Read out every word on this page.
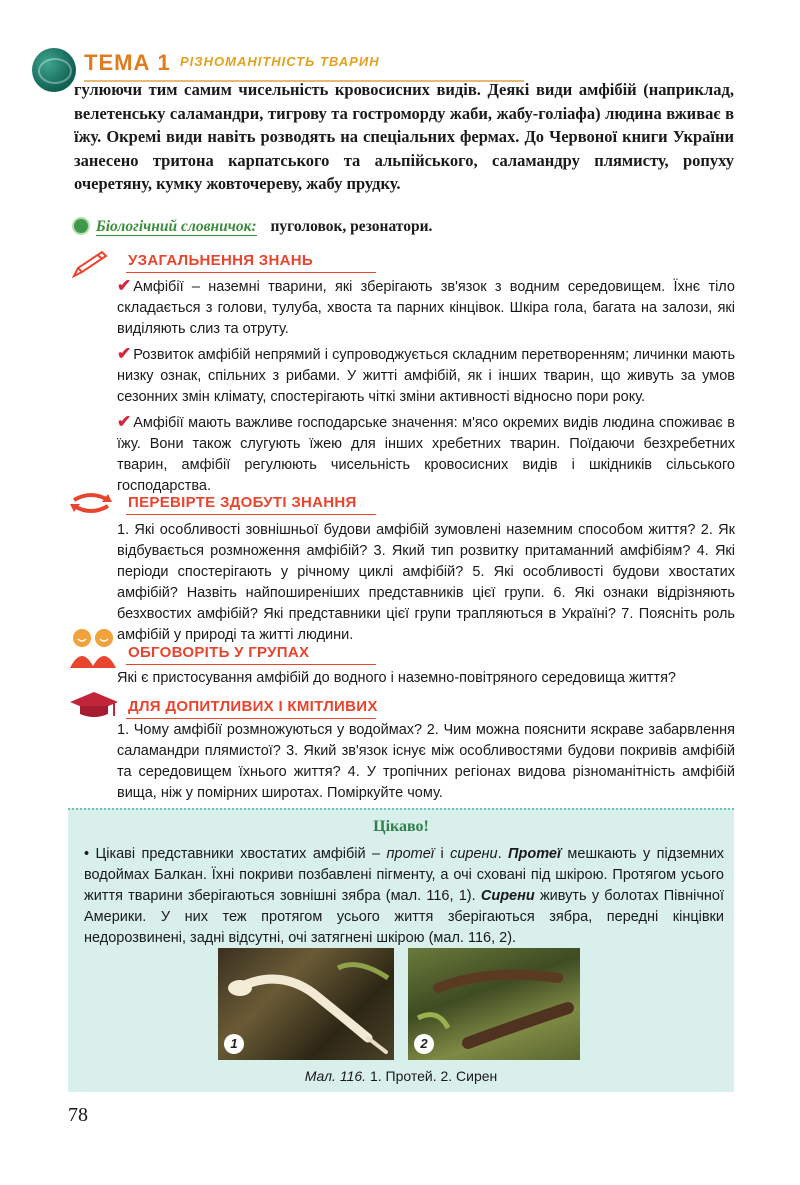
ТЕМА 1 РІЗНОМАНІТНІСТЬ ТВАРИН

гулюючи тим самим чисельність кровосисних видів. Деякі види амфібій (наприклад, велетенську саламандри, тигрову та гостроморду жаби, жабу-голіафа) людина вживає в їжу. Окремі види навіть розводять на спеціальних фермах. До Червоної книги України занесено тритона карпатського та альпійського, саламандру плямисту, ропуху очеретяну, кумку жовточереву, жабу прудку.

Біологічний словничок: пуголовок, резонатори.
УЗАГАЛЬНЕННЯ ЗНАНЬ

✔ Амфібії – наземні тварини, які зберігають зв'язок з водним середовищем. Їхнє тіло складається з голови, тулуба, хвоста та парних кінцівок. Шкіра гола, багата на залози, які виділяють слиз та отруту.

✔ Розвиток амфібій непрямий і супроводжується складним перетворенням; личинки мають низку ознак, спільних з рибами. У житті амфібій, як і інших тварин, що живуть за умов сезонних змін клімату, спостерігають чіткі зміни активності відносно пори року.

✔ Амфібії мають важливе господарське значення: м'ясо окремих видів людина споживає в їжу. Вони також слугують їжею для інших хребетних тварин. Поїдаючи безхребетних тварин, амфібії регулюють чисельність кровосисних видів і шкідників сільського господарства.

ПЕРЕВІРТЕ ЗДОБУТІ ЗНАННЯ

1. Які особливості зовнішньої будови амфібій зумовлені наземним способом життя? 2. Як відбувається розмноження амфібій? 3. Який тип розвитку притаманний амфібіям? 4. Які періоди спостерігають у річному циклі амфібій? 5. Які особливості будови хвостатих амфібій? Назвіть найпоширеніших представників цієї групи. 6. Які ознаки відрізняють безхвостих амфібій? Які представники цієї групи трапляються в Україні? 7. Поясніть роль амфібій у природі та житті людини.

ОБГОВОРІТЬ У ГРУПАХ

Які є пристосування амфібій до водного і наземно-повітряного середовища життя?

ДЛЯ ДОПИТЛИВИХ І КМІТЛИВИХ

1. Чому амфібії розмножуються у водоймах? 2. Чим можна пояснити яскраве забарвлення саламандри плямистої? 3. Який зв'язок існує між особливостями будови покривів амфібій та середовищем їхнього життя? 4. У тропічних регіонах видова різноманітність амфібій вища, ніж у помірних широтах. Поміркуйте чому.

Цікаво!

• Цікаві представники хвостатих амфібій – протеї і сирени. Протеї мешкають у підземних водоймах Балкан. Їхні покриви позбавлені пігменту, а очі сховані під шкірою. Протягом усього життя тварини зберігаються зовнішні зябра (мал. 116, 1). Сирени живуть у болотах Північної Америки. У них теж протягом усього життя зберігаються зябра, передні кінцівки недорозвинені, задні відсутні, очі затягнені шкірою (мал. 116, 2).

1	2
Мал. 116. 1. Протей. 2. Сирен
78
